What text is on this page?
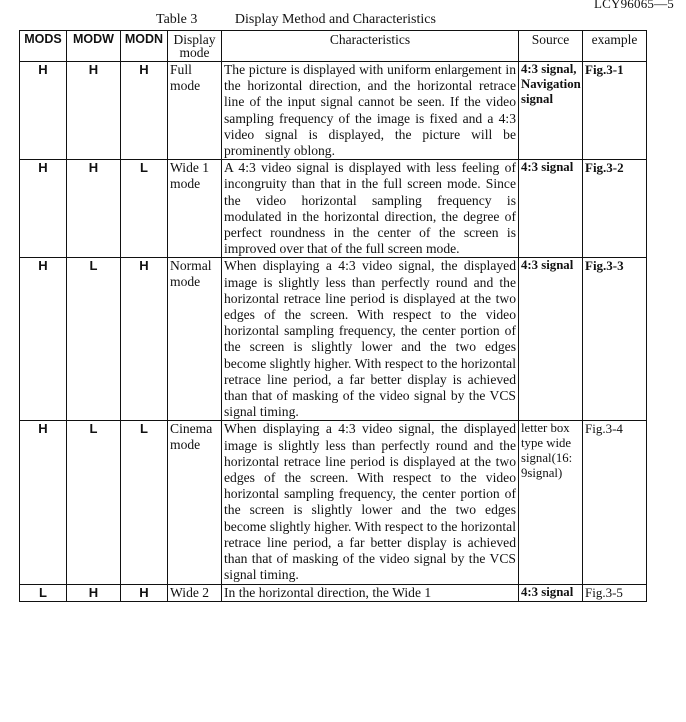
LCY96065—5
Table 3	Display Method and Characteristics
MODS	MODW	MODN	Display mode	Characteristics	Source	example
H	H	H	Full mode	The picture is displayed with uniform enlargement in the horizontal direction, and the horizontal retrace line of the input signal cannot be seen. If the video sampling frequency of the image is fixed and a 4:3 video signal is displayed, the picture will be prominently oblong.	4:3 signal, Navigation signal	Fig.3-1
H	H	L	Wide 1 mode	A 4:3 video signal is displayed with less feeling of incongruity than that in the full screen mode. Since the video horizontal sampling frequency is modulated in the horizontal direction, the degree of perfect roundness in the center of the screen is improved over that of the full screen mode.	4:3 signal	Fig.3-2
H	L	H	Normal mode	When displaying a 4:3 video signal, the displayed image is slightly less than perfectly round and the horizontal retrace line period is displayed at the two edges of the screen. With respect to the video horizontal sampling frequency, the center portion of the screen is slightly lower and the two edges become slightly higher. With respect to the horizontal retrace line period, a far better display is achieved than that of masking of the video signal by the VCS signal timing.	4:3 signal	Fig.3-3
H	L	L	Cinema mode	When displaying a 4:3 video signal, the displayed image is slightly less than perfectly round and the horizontal retrace line period is displayed at the two edges of the screen. With respect to the video horizontal sampling frequency, the center portion of the screen is slightly lower and the two edges become slightly higher. With respect to the horizontal retrace line period, a far better display is achieved than that of masking of the video signal by the VCS signal timing.	letter box type wide signal(16: 9signal)	Fig.3-4
L	H	H	Wide 2	In the horizontal direction, the Wide 1	4:3 signal	Fig.3-5
